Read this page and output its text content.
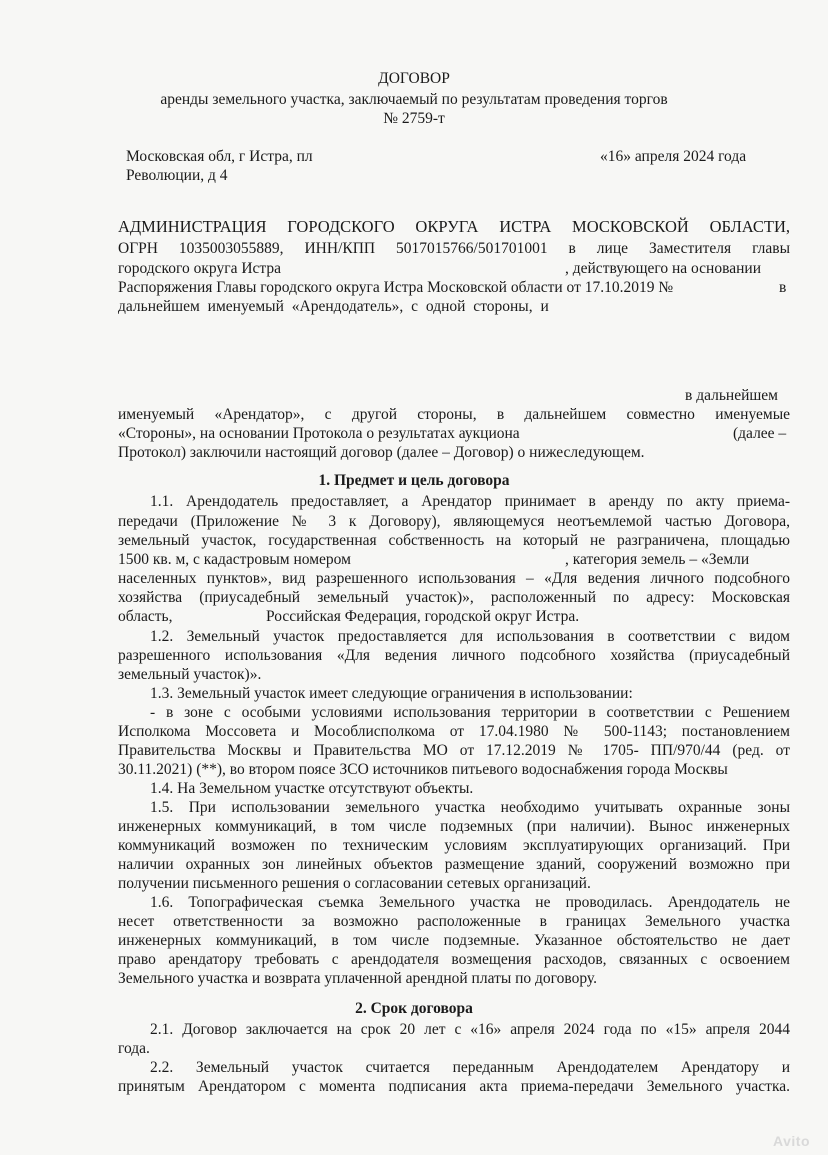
ДОГОВОР
аренды земельного участка, заключаемый по результатам проведения торгов
№ 2759-т
Московская обл, г Истра, пл
Революции, д 4
«16» апреля 2024 года
АДМИНИСТРАЦИЯ ГОРОДСКОГО ОКРУГА ИСТРА МОСКОВСКОЙ ОБЛАСТИ,
ОГРН 1035003055889, ИНН/КПП 5017015766/501701001 в лице Заместителя главы
городского округа Истра	, действующего на основании
Распоряжения Главы городского округа Истра Московской области от 17.10.2019 №	в
дальнейшем именуемый «Арендодатель», с одной стороны, и
в дальнейшем
именуемый «Арендатор», с другой стороны, в дальнейшем совместно именуемые
«Стороны», на основании Протокола о результатах аукциона	(далее –
Протокол) заключили настоящий договор (далее – Договор) о нижеследующем.
1. Предмет и цель договора
1.1. Арендодатель предоставляет, а Арендатор принимает в аренду по акту приема-
передачи (Приложение № 3 к Договору), являющемуся неотъемлемой частью Договора,
земельный участок, государственная собственность на который не разграничена, площадью
1500 кв. м, с кадастровым номером	, категория земель – «Земли
населенных пунктов», вид разрешенного использования – «Для ведения личного подсобного
хозяйства (приусадебный земельный участок)», расположенный по адресу: Московская
область,	Российская Федерация, городской округ Истра.
1.2. Земельный участок предоставляется для использования в соответствии с видом
разрешенного использования «Для ведения личного подсобного хозяйства (приусадебный
земельный участок)».
1.3. Земельный участок имеет следующие ограничения в использовании:
- в зоне с особыми условиями использования территории в соответствии с Решением
Исполкома Моссовета и Мособлисполкома от 17.04.1980 № 500-1143; постановлением
Правительства Москвы и Правительства МО от 17.12.2019 № 1705- ПП/970/44 (ред. от
30.11.2021) (**), во втором поясе ЗСО источников питьевого водоснабжения города Москвы
1.4. На Земельном участке отсутствуют объекты.
1.5. При использовании земельного участка необходимо учитывать охранные зоны
инженерных коммуникаций, в том числе подземных (при наличии). Вынос инженерных
коммуникаций возможен по техническим условиям эксплуатирующих организаций. При
наличии охранных зон линейных объектов размещение зданий, сооружений возможно при
получении письменного решения о согласовании сетевых организаций.
1.6. Топографическая съемка Земельного участка не проводилась. Арендодатель не
несет ответственности за возможно расположенные в границах Земельного участка
инженерных коммуникаций, в том числе подземные. Указанное обстоятельство не дает
право арендатору требовать с арендодателя возмещения расходов, связанных с освоением
Земельного участка и возврата уплаченной арендной платы по договору.
2. Срок договора
2.1. Договор заключается на срок 20 лет с «16» апреля 2024 года по «15» апреля 2044
года.
2.2. Земельный участок считается переданным Арендодателем Арендатору и
принятым Арендатором с момента подписания акта приема-передачи Земельного участка.
Avito
